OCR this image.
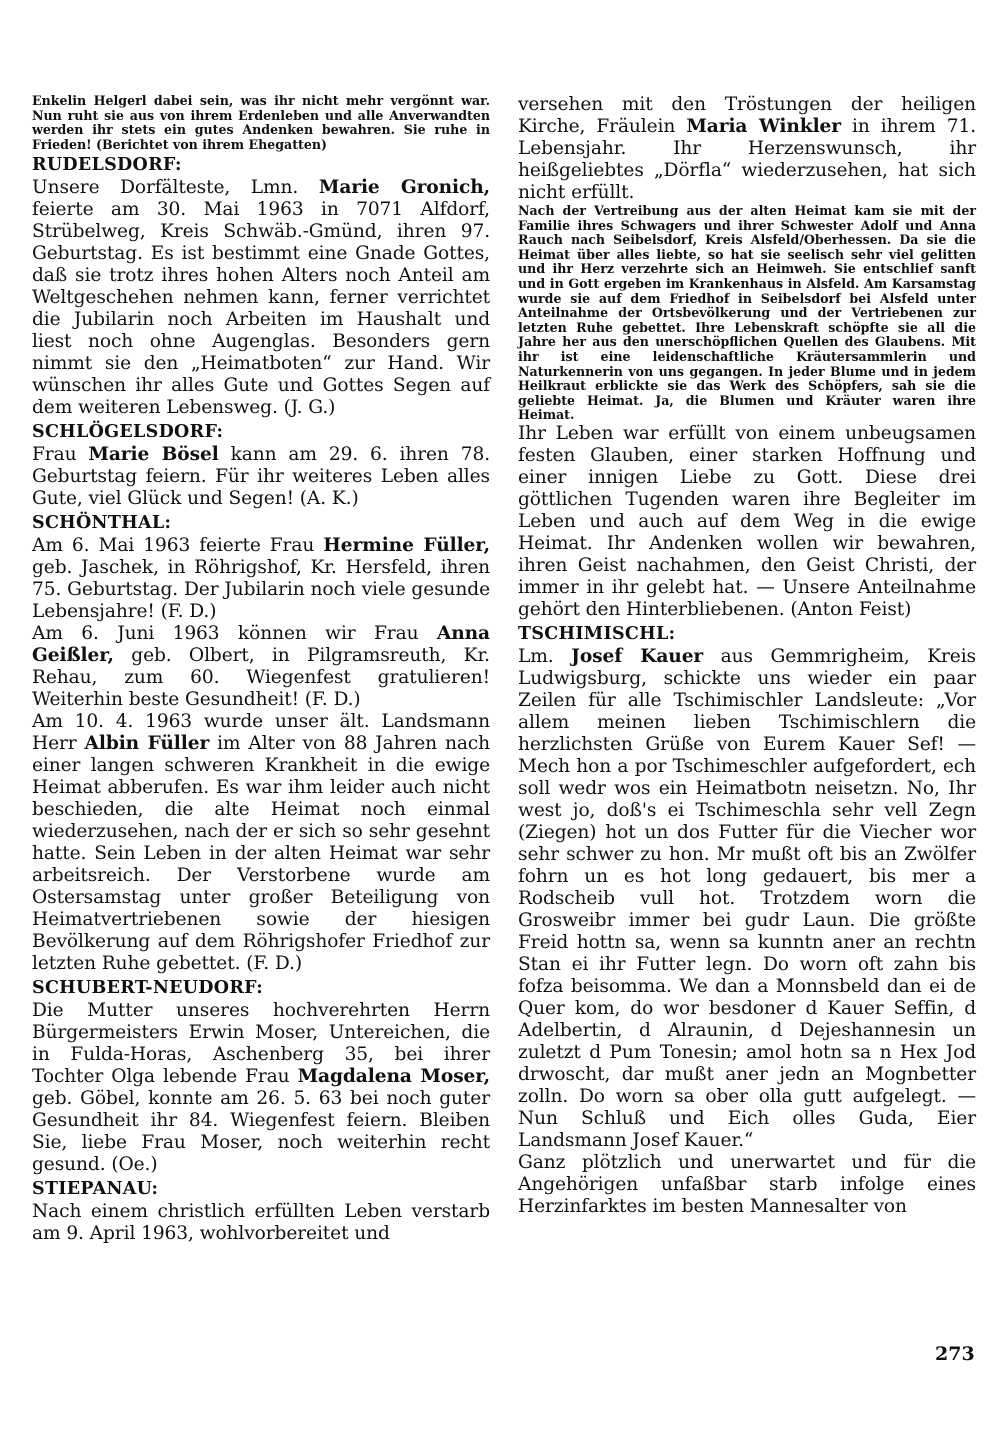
Enkelin Helgerl dabei sein, was ihr nicht mehr vergönnt war. Nun ruht sie aus von ihrem Erdenleben und alle Anverwandten werden ihr stets ein gutes Andenken bewahren. Sie ruhe in Frieden! (Berichtet von ihrem Ehegatten)

RUDELSDORF:

Unsere Dorfälteste, Lmn. Marie Gronich, feierte am 30. Mai 1963 in 7071 Alfdorf, Strübelweg, Kreis Schwäb.-Gmünd, ihren 97. Geburtstag. Es ist bestimmt eine Gnade Gottes, daß sie trotz ihres hohen Alters noch Anteil am Weltgeschehen nehmen kann, ferner verrichtet die Jubilarin noch Arbeiten im Haushalt und liest noch ohne Augenglas. Besonders gern nimmt sie den „Heimatboten“ zur Hand. Wir wünschen ihr alles Gute und Gottes Segen auf dem weiteren Lebensweg. (J. G.)

SCHLÖGELSDORF:

Frau Marie Bösel kann am 29. 6. ihren 78. Geburtstag feiern. Für ihr weiteres Leben alles Gute, viel Glück und Segen! (A. K.)

SCHÖNTHAL:

Am 6. Mai 1963 feierte Frau Hermine Füller, geb. Jaschek, in Röhrigshof, Kr. Hersfeld, ihren 75. Geburtstag. Der Jubilarin noch viele gesunde Lebensjahre! (F. D.)

Am 6. Juni 1963 können wir Frau Anna Geißler, geb. Olbert, in Pilgramsreuth, Kr. Rehau, zum 60. Wiegenfest gratulieren! Weiterhin beste Gesundheit! (F. D.)

Am 10. 4. 1963 wurde unser ält. Landsmann Herr Albin Füller im Alter von 88 Jahren nach einer langen schweren Krankheit in die ewige Heimat abberufen. Es war ihm leider auch nicht beschieden, die alte Heimat noch einmal wiederzusehen, nach der er sich so sehr gesehnt hatte. Sein Leben in der alten Heimat war sehr arbeitsreich. Der Verstorbene wurde am Ostersamstag unter großer Beteiligung von Heimatvertriebenen sowie der hiesigen Bevölkerung auf dem Röhrigshofer Friedhof zur letzten Ruhe gebettet. (F. D.)

SCHUBERT-NEUDORF:

Die Mutter unseres hochverehrten Herrn Bürgermeisters Erwin Moser, Untereichen, die in Fulda-Horas, Aschenberg 35, bei ihrer Tochter Olga lebende Frau Magdalena Moser, geb. Göbel, konnte am 26. 5. 63 bei noch guter Gesundheit ihr 84. Wiegenfest feiern. Bleiben Sie, liebe Frau Moser, noch weiterhin recht gesund. (Oe.)

STIEPANAU:

Nach einem christlich erfüllten Leben verstarb am 9. April 1963, wohlvorbereitet und

versehen mit den Tröstungen der heiligen Kirche, Fräulein Maria Winkler in ihrem 71. Lebensjahr. Ihr Herzenswunsch, ihr heißgeliebtes „Dörfla“ wiederzusehen, hat sich nicht erfüllt.

Nach der Vertreibung aus der alten Heimat kam sie mit der Familie ihres Schwagers und ihrer Schwester Adolf und Anna Rauch nach Seibelsdorf, Kreis Alsfeld/Oberhessen. Da sie die Heimat über alles liebte, so hat sie seelisch sehr viel gelitten und ihr Herz verzehrte sich an Heimweh. Sie entschlief sanft und in Gott ergeben im Krankenhaus in Alsfeld. Am Karsamstag wurde sie auf dem Friedhof in Seibelsdorf bei Alsfeld unter Anteilnahme der Ortsbevölkerung und der Vertriebenen zur letzten Ruhe gebettet. Ihre Lebenskraft schöpfte sie all die Jahre her aus den unerschöpflichen Quellen des Glaubens. Mit ihr ist eine leidenschaftliche Kräutersammlerin und Naturkennerin von uns gegangen. In jeder Blume und in jedem Heilkraut erblickte sie das Werk des Schöpfers, sah sie die geliebte Heimat. Ja, die Blumen und Kräuter waren ihre Heimat.

Ihr Leben war erfüllt von einem unbeugsamen festen Glauben, einer starken Hoffnung und einer innigen Liebe zu Gott. Diese drei göttlichen Tugenden waren ihre Begleiter im Leben und auch auf dem Weg in die ewige Heimat. Ihr Andenken wollen wir bewahren, ihren Geist nachahmen, den Geist Christi, der immer in ihr gelebt hat. — Unsere Anteilnahme gehört den Hinterbliebenen. (Anton Feist)

TSCHIMISCHL:

Lm. Josef Kauer aus Gemmrigheim, Kreis Ludwigsburg, schickte uns wieder ein paar Zeilen für alle Tschimischler Landsleute: „Vor allem meinen lieben Tschimischlern die herzlichsten Grüße von Eurem Kauer Sef! — Mech hon a por Tschimeschler aufgefordert, ech soll wedr wos ein Heimatbotn neisetzn. No, Ihr west jo, doß's ei Tschimeschla sehr vell Zegn (Ziegen) hot un dos Futter für die Viecher wor sehr schwer zu hon. Mr mußt oft bis an Zwölfer fohrn un es hot long gedauert, bis mer a Rodscheib vull hot. Trotzdem worn die Grosweibr immer bei gudr Laun. Die größte Freid hottn sa, wenn sa kunntn aner an rechtn Stan ei ihr Futter legn. Do worn oft zahn bis fofza beisomma. We dan a Monnsbeld dan ei de Quer kom, do wor besdoner d Kauer Seffin, d Adelbertin, d Alraunin, d Dejeshannesin un zuletzt d Pum Tonesin; amol hotn sa n Hex Jod drwoscht, dar mußt aner jedn an Mognbetter zolln. Do worn sa ober olla gutt aufgelegt. — Nun Schluß und Eich olles Guda, Eier Landsmann Josef Kauer.“

Ganz plötzlich und unerwartet und für die Angehörigen unfaßbar starb infolge eines Herzinfarktes im besten Mannesalter von

273
